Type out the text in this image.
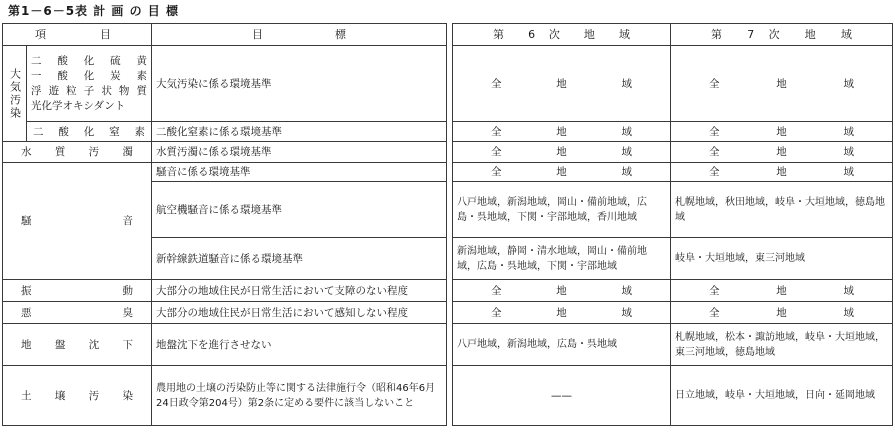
第1－6－5表 計 画 の 目 標
項 目		目 標		第 6 次 地 域	第 7 次 地 域
大気汚染	二酸化硫黄
一酸化炭素
浮遊粒子状物質
光化学オキシダント	大気汚染に係る環境基準		全 地 域	全 地 域
	二酸化窒素	二酸化窒素に係る環境基準		全 地 域	全 地 域
水 質 汚 濁		水質汚濁に係る環境基準		全 地 域	全 地 域
騒 音		騒音に係る環境基準		全 地 域	全 地 域
		航空機騒音に係る環境基準		八戸地域，新潟地域，岡山・備前地域，広島・呉地域，下関・宇部地域，香川地域	札幌地域，秋田地域，岐阜・大垣地域，徳島地域
		新幹線鉄道騒音に係る環境基準		新潟地域，静岡・清水地域，岡山・備前地域，広島・呉地域，下関・宇部地域	岐阜・大垣地域，東三河地域
振 動		大部分の地域住民が日常生活において支障のない程度		全 地 域	全 地 域
悪 臭		大部分の地域住民が日常生活において感知しない程度		全 地 域	全 地 域
地 盤 沈 下		地盤沈下を進行させない		八戸地域，新潟地域，広島・呉地域	札幌地域，松本・諏訪地域，岐阜・大垣地域，東三河地域，徳島地域
土 壌 汚 染		農用地の土壌の汚染防止等に関する法律施行令（昭和46年6月24日政令第204号）第2条に定める要件に該当しないこと		——	日立地域，岐阜・大垣地域，日向・延岡地域
